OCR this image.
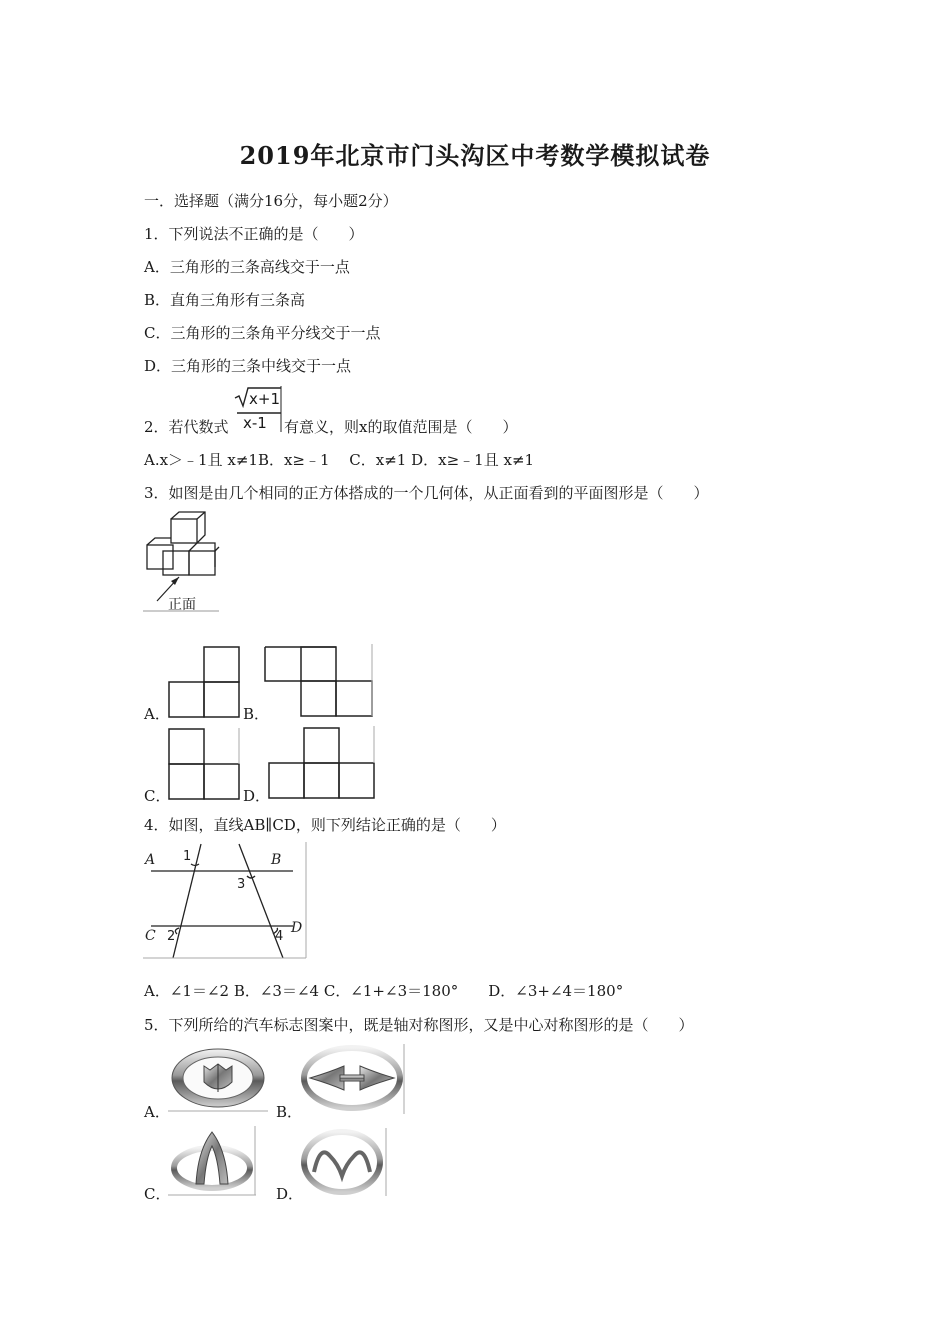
2019年北京市门头沟区中考数学模拟试卷
一．选择题（满分16分，每小题2分）
1．下列说法不正确的是（　　）
A．三角形的三条高线交于一点
B．直角三角形有三条高
C．三角形的三条角平分线交于一点
D．三角形的三条中线交于一点
2．若代数式
x+1
x-1 有意义，则x的取值范围是（　　）
A.x＞﹣1且 x≠1B．x≥﹣1　 C．x≠1 D．x≥﹣1且 x≠1
3．如图是由几个相同的正方体搭成的一个几何体，从正面看到的平面图形是（　　）
正面
A．	B．
C．	D．
4．如图，直线AB∥CD，则下列结论正确的是（　　）
A	B
C	D
1
2
3
4
A．∠1＝∠2 B．∠3＝∠4 C．∠1+∠3＝180°　　D．∠3+∠4＝180°
5．下列所给的汽车标志图案中，既是轴对称图形，又是中心对称图形的是（　　）
A．	B．
C．	D．
